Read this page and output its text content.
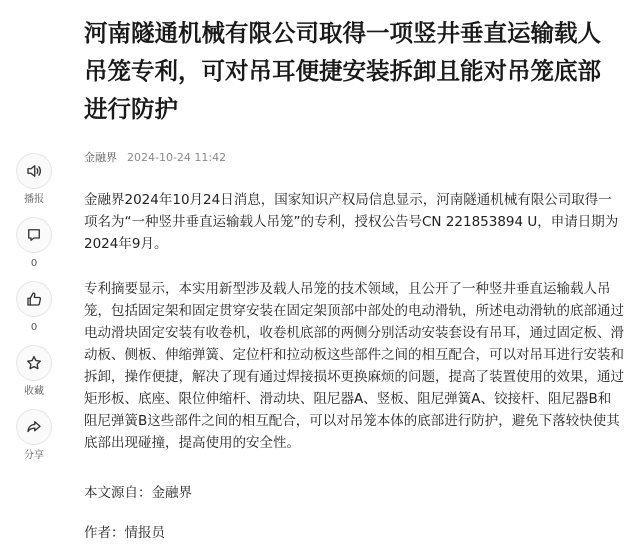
河南隧通机械有限公司取得一项竖井垂直运输载人吊笼专利，可对吊耳便捷安装拆卸且能对吊笼底部进行防护
金融界 2024-10-24 11:42
播报
0
0
收藏
分享

金融界2024年10月24日消息，国家知识产权局信息显示，河南隧通机械有限公司取得一项名为“一种竖井垂直运输载人吊笼”的专利，授权公告号CN 221853894 U，申请日期为2024年9月。

专利摘要显示，本实用新型涉及载人吊笼的技术领域，且公开了一种竖井垂直运输载人吊笼，包括固定架和固定贯穿安装在固定架顶部中部处的电动滑轨，所述电动滑轨的底部通过电动滑块固定安装有收卷机，收卷机底部的两侧分别活动安装套设有吊耳，通过固定板、滑动板、侧板、伸缩弹簧、定位杆和拉动板这些部件之间的相互配合，可以对吊耳进行安装和拆卸，操作便捷，解决了现有通过焊接损坏更换麻烦的问题，提高了装置使用的效果，通过矩形板、底座、限位伸缩杆、滑动块、阻尼器A、竖板、阻尼弹簧A、铰接杆、阻尼器B和阻尼弹簧B这些部件之间的相互配合，可以对吊笼本体的底部进行防护，避免下落较快使其底部出现碰撞，提高使用的安全性。

本文源自：金融界
作者：情报员
